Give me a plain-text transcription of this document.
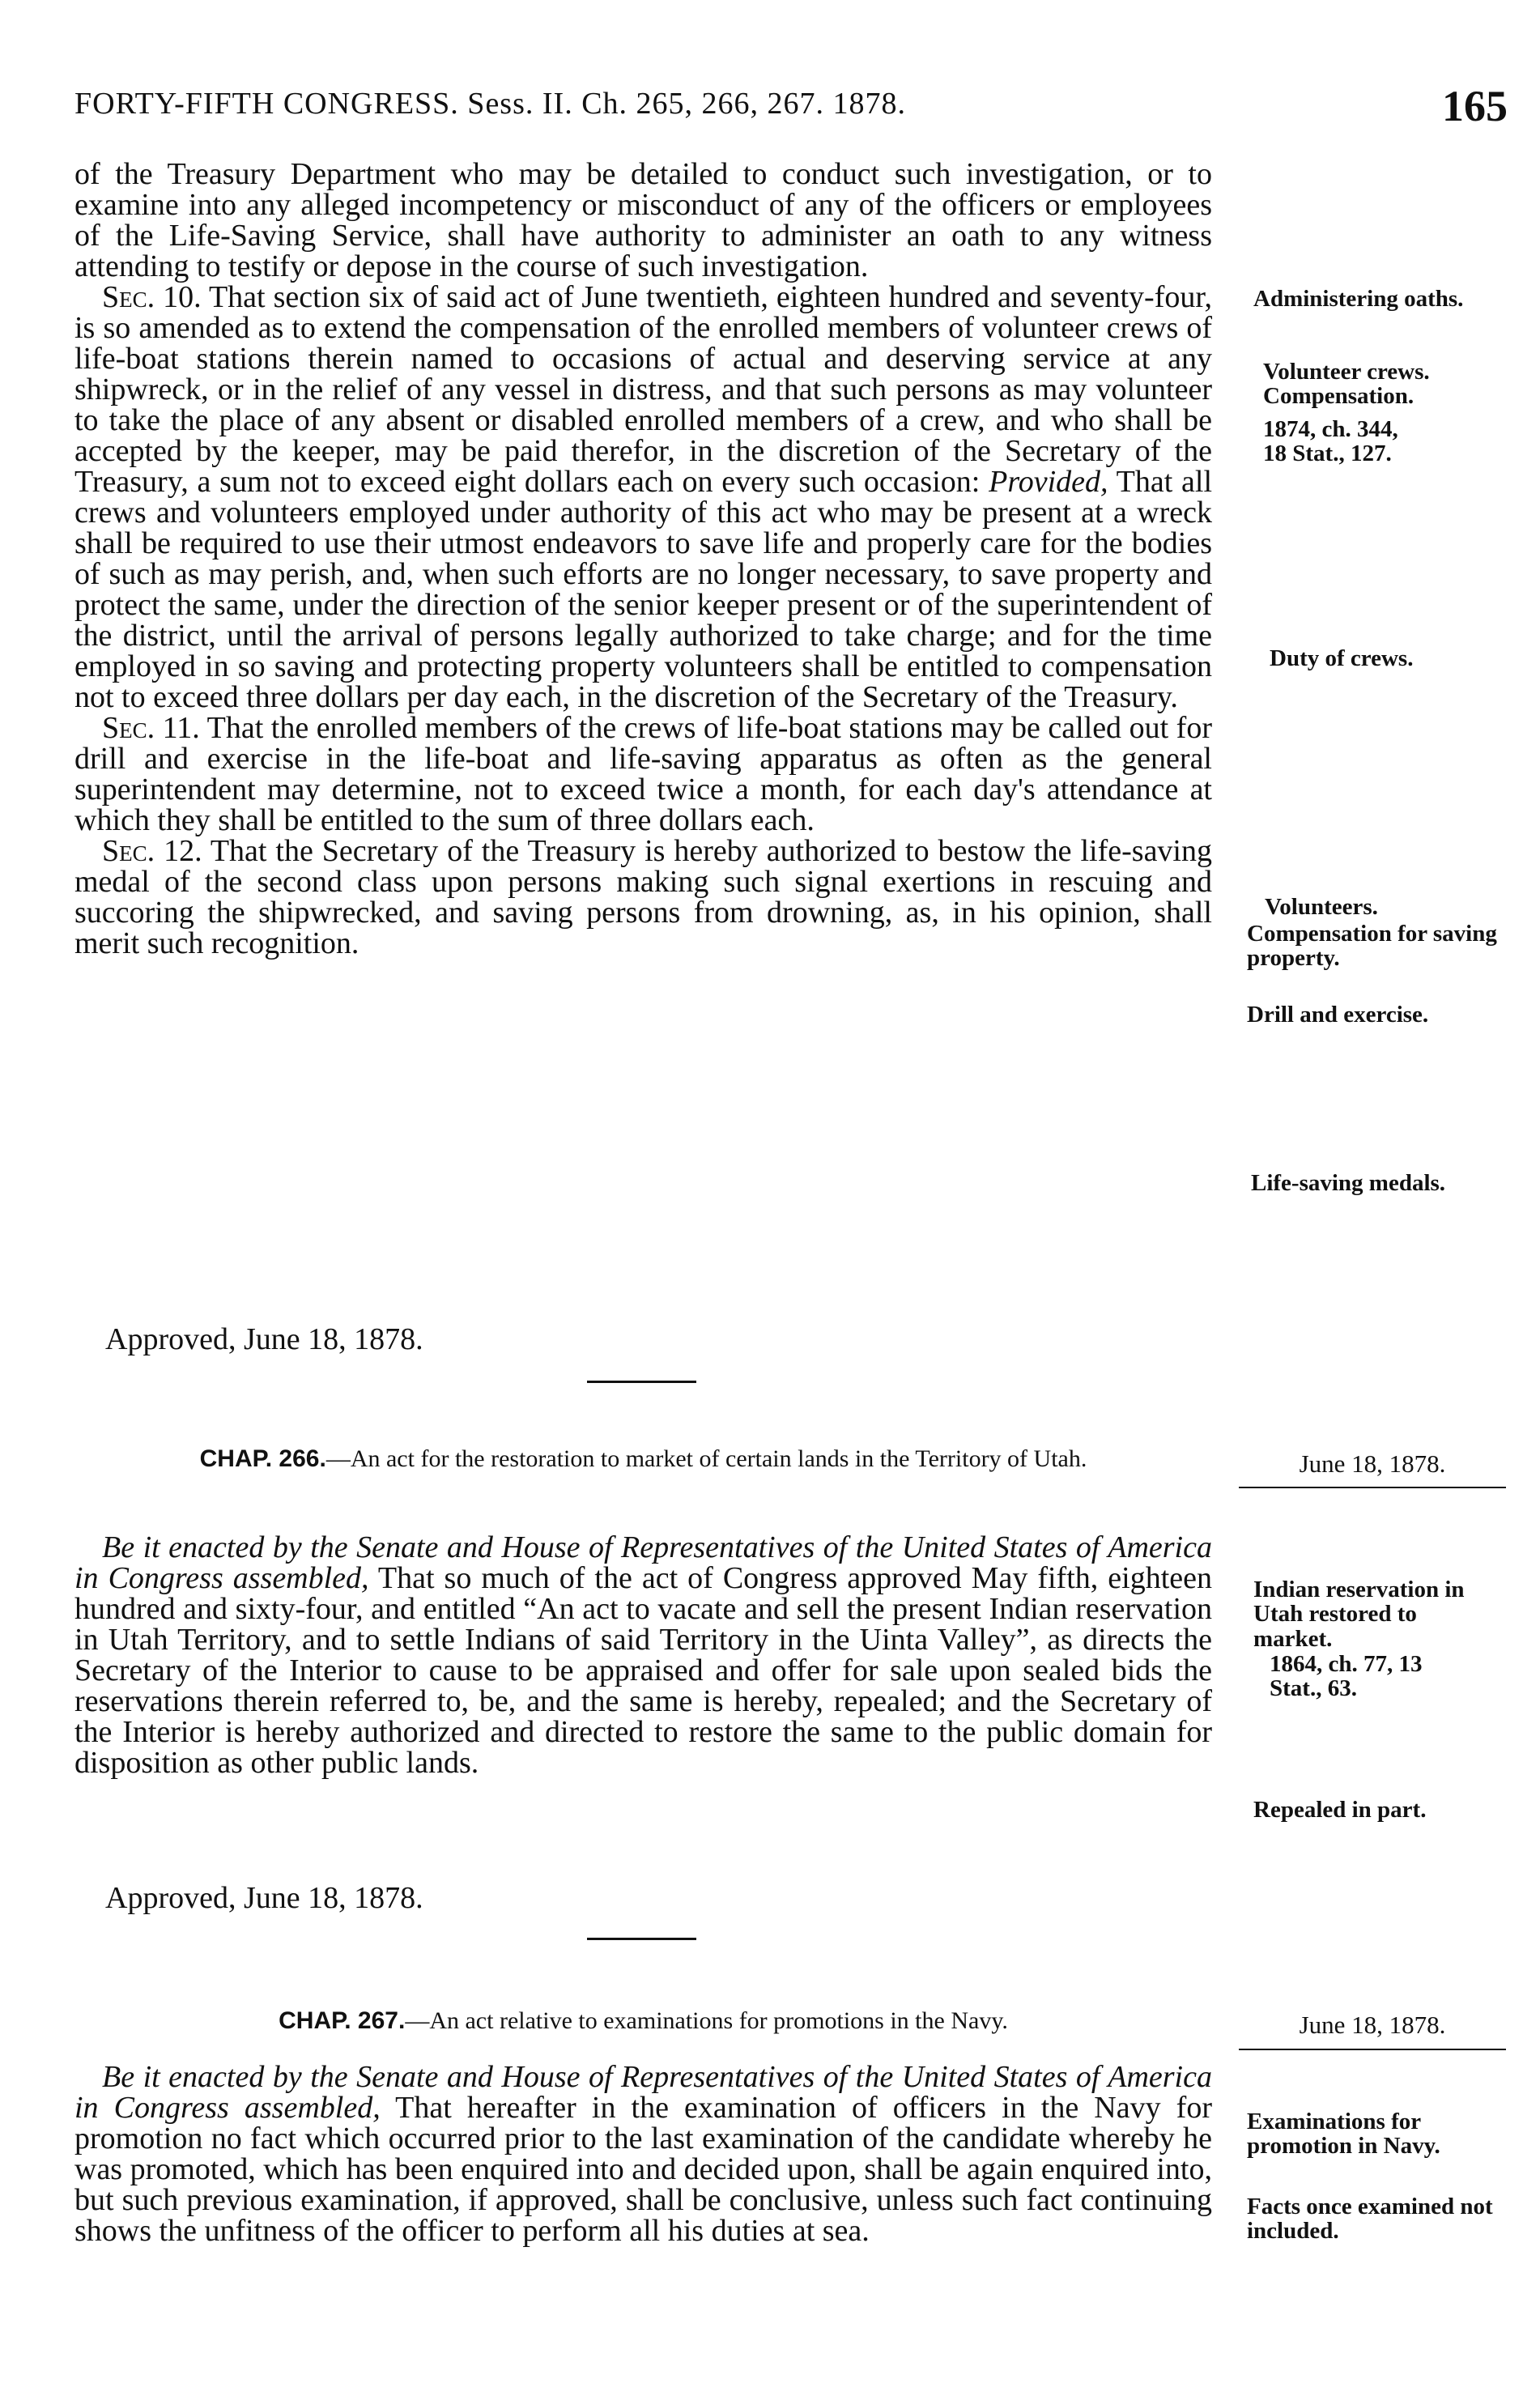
FORTY-FIFTH CONGRESS. Sess. II. Ch. 265, 266, 267. 1878.	165

of the Treasury Department who may be detailed to conduct such investigation, or to examine into any alleged incompetency or misconduct of any of the officers or employees of the Life-Saving Service, shall have authority to administer an oath to any witness attending to testify or depose in the course of such investigation.

Sec. 10. That section six of said act of June twentieth, eighteen hundred and seventy-four, is so amended as to extend the compensation of the enrolled members of volunteer crews of life-boat stations therein named to occasions of actual and deserving service at any shipwreck, or in the relief of any vessel in distress, and that such persons as may volunteer to take the place of any absent or disabled enrolled members of a crew, and who shall be accepted by the keeper, may be paid therefor, in the discretion of the Secretary of the Treasury, a sum not to exceed eight dollars each on every such occasion: Provided, That all crews and volunteers employed under authority of this act who may be present at a wreck shall be required to use their utmost endeavors to save life and properly care for the bodies of such as may perish, and, when such efforts are no longer necessary, to save property and protect the same, under the direction of the senior keeper present or of the superintendent of the district, until the arrival of persons legally authorized to take charge; and for the time employed in so saving and protecting property volunteers shall be entitled to compensation not to exceed three dollars per day each, in the discretion of the Secretary of the Treasury.

Sec. 11. That the enrolled members of the crews of life-boat stations may be called out for drill and exercise in the life-boat and life-saving apparatus as often as the general superintendent may determine, not to exceed twice a month, for each day's attendance at which they shall be entitled to the sum of three dollars each.

Sec. 12. That the Secretary of the Treasury is hereby authorized to bestow the life-saving medal of the second class upon persons making such signal exertions in rescuing and succoring the shipwrecked, and saving persons from drowning, as, in his opinion, shall merit such recognition.

Approved, June 18, 1878.
CHAP. 266.—An act for the restoration to market of certain lands in the Territory of Utah.	June 18, 1878.

Be it enacted by the Senate and House of Representatives of the United States of America in Congress assembled, That so much of the act of Congress approved May fifth, eighteen hundred and sixty-four, and entitled “An act to vacate and sell the present Indian reservation in Utah Territory, and to settle Indians of said Territory in the Uinta Valley”, as directs the Secretary of the Interior to cause to be appraised and offer for sale upon sealed bids the reservations therein referred to, be, and the same is hereby, repealed; and the Secretary of the Interior is hereby authorized and directed to restore the same to the public domain for disposition as other public lands.

Approved, June 18, 1878.
CHAP. 267.—An act relative to examinations for promotions in the Navy.	June 18, 1878.

Be it enacted by the Senate and House of Representatives of the United States of America in Congress assembled, That hereafter in the examination of officers in the Navy for promotion no fact which occurred prior to the last examination of the candidate whereby he was promoted, which has been enquired into and decided upon, shall be again enquired into, but such previous examination, if approved, shall be conclusive, unless such fact continuing shows the unfitness of the officer to perform all his duties at sea.

Administering oaths.
Volunteer crews. Compensation.
1874, ch. 344, 18 Stat., 127.
Duty of crews.
Volunteers.
Compensation for saving property.
Drill and exercise.
Life-saving medals.
Indian reservation in Utah restored to market.
1864, ch. 77, 13 Stat., 63.
Repealed in part.
Examinations for promotion in Navy.
Facts once examined not included.
